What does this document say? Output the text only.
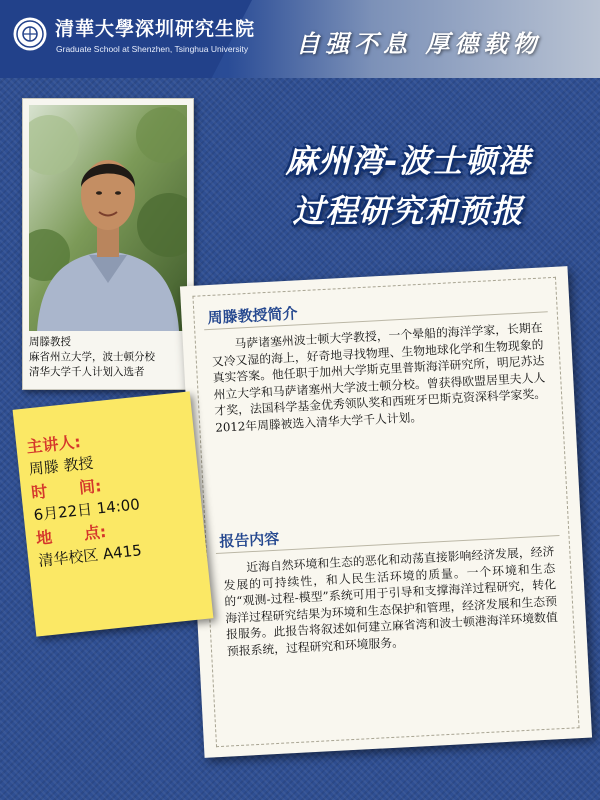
清華大學深圳研究生院
Graduate School at Shenzhen, Tsinghua University 自强不息 厚德载物
周滕教授
麻省州立大学，波士顿分校
清华大学千人计划入选者
麻州湾-波士顿港
过程研究和预报
周滕教授简介
马萨诸塞州波士顿大学教授，一个晕船的海洋学家，长期在又冷又湿的海上，好奇地寻找物理、生物地球化学和生物现象的真实答案。他任职于加州大学斯克里普斯海洋研究所，明尼苏达州立大学和马萨诸塞州大学波士顿分校。曾获得欧盟居里夫人人才奖，法国科学基金优秀领队奖和西班牙巴斯克资深科学家奖。2012年周滕被选入清华大学千人计划。
报告内容
近海自然环境和生态的恶化和动荡直接影响经济发展，经济发展的可持续性，和人民生活环境的质量。一个环境和生态的“观测-过程-模型”系统可用于引导和支撑海洋过程研究，转化海洋过程研究结果为环境和生态保护和管理，经济发展和生态预报服务。此报告将叙述如何建立麻省湾和波士顿港海洋环境数值预报系统，过程研究和环境服务。
主讲人:
周滕 教授
时　　间:
6月22日 14:00
地　　点:
清华校区 A415
